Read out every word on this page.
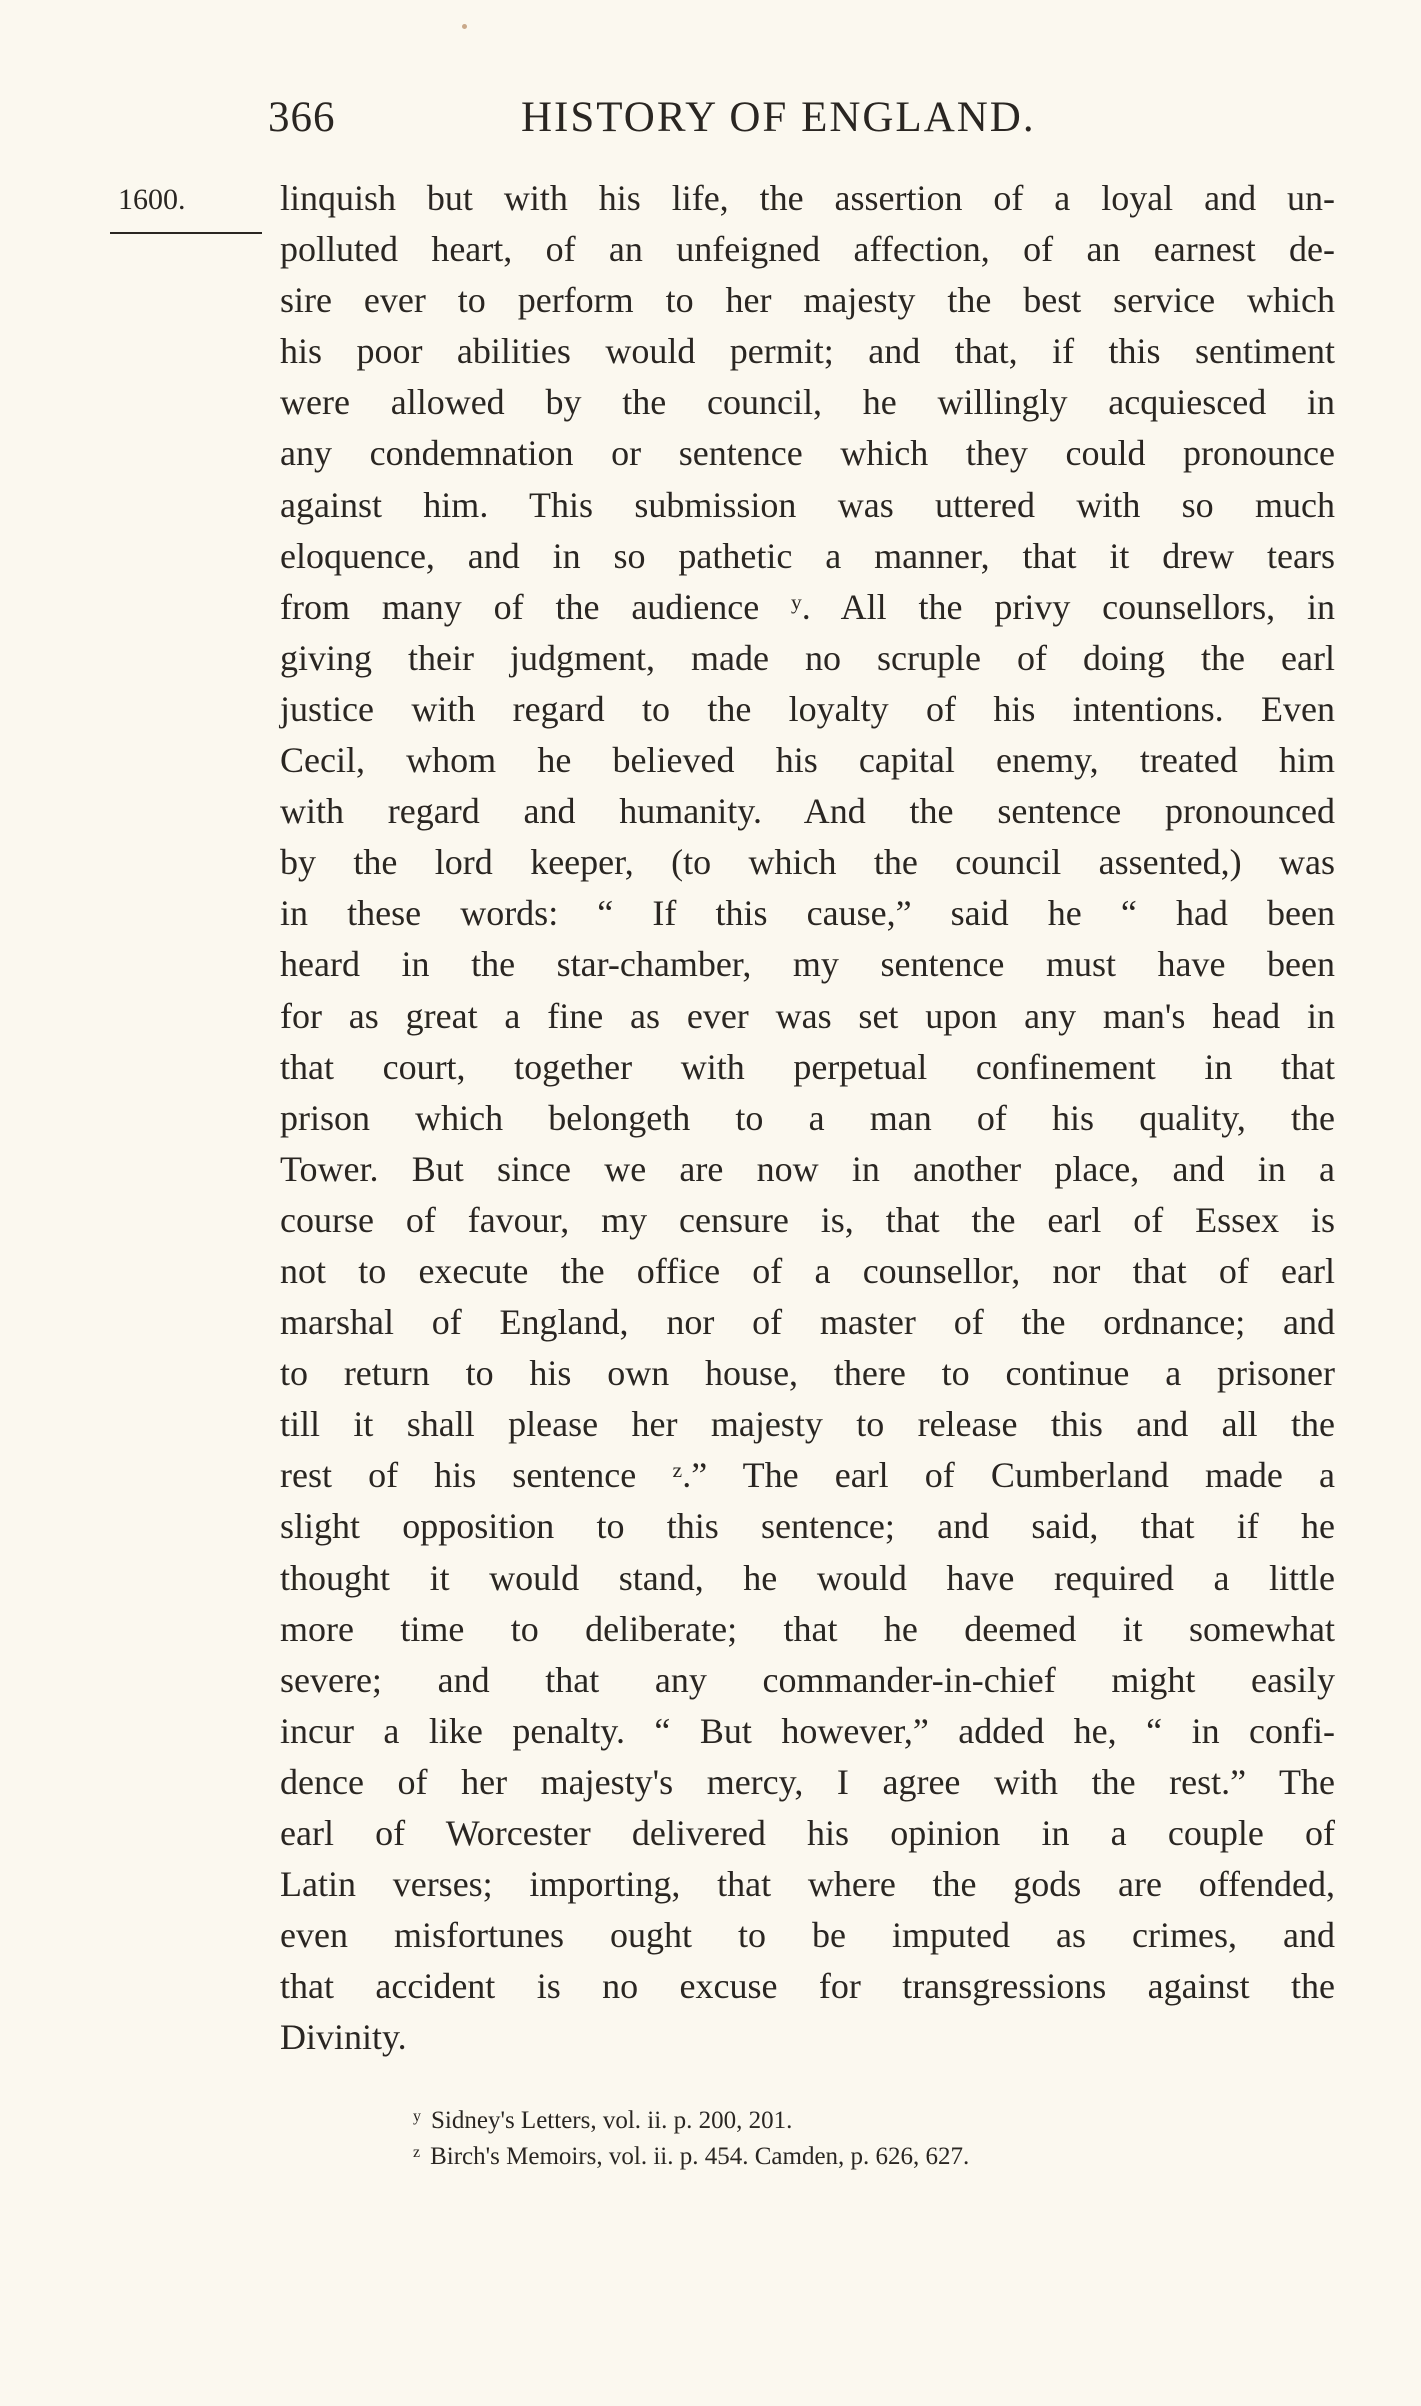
366	HISTORY OF ENGLAND.
1600.	linquish but with his life, the assertion of a loyal and un-
polluted heart, of an unfeigned affection, of an earnest de-
sire ever to perform to her majesty the best service which
his poor abilities would permit; and that, if this sentiment
were allowed by the council, he willingly acquiesced in
any condemnation or sentence which they could pronounce
against him. This submission was uttered with so much
eloquence, and in so pathetic a manner, that it drew tears
from many of the audience ʸ. All the privy counsellors, in
giving their judgment, made no scruple of doing the earl
justice with regard to the loyalty of his intentions. Even
Cecil, whom he believed his capital enemy, treated him
with regard and humanity. And the sentence pronounced
by the lord keeper, (to which the council assented,) was
in these words: “ If this cause,” said he “ had been
heard in the star-chamber, my sentence must have been
for as great a fine as ever was set upon any man's head in
that court, together with perpetual confinement in that
prison which belongeth to a man of his quality, the
Tower. But since we are now in another place, and in a
course of favour, my censure is, that the earl of Essex is
not to execute the office of a counsellor, nor that of earl
marshal of England, nor of master of the ordnance; and
to return to his own house, there to continue a prisoner
till it shall please her majesty to release this and all the
rest of his sentence ᶻ.” The earl of Cumberland made a
slight opposition to this sentence; and said, that if he
thought it would stand, he would have required a little
more time to deliberate; that he deemed it somewhat
severe; and that any commander-in-chief might easily
incur a like penalty. “ But however,” added he, “ in confi-
dence of her majesty's mercy, I agree with the rest.” The
earl of Worcester delivered his opinion in a couple of
Latin verses; importing, that where the gods are offended,
even misfortunes ought to be imputed as crimes, and
that accident is no excuse for transgressions against the
Divinity.
$^y$ Sidney's Letters, vol. ii. p. 200, 201.
$^z$ Birch's Memoirs, vol. ii. p. 454. Camden, p. 626, 627.
